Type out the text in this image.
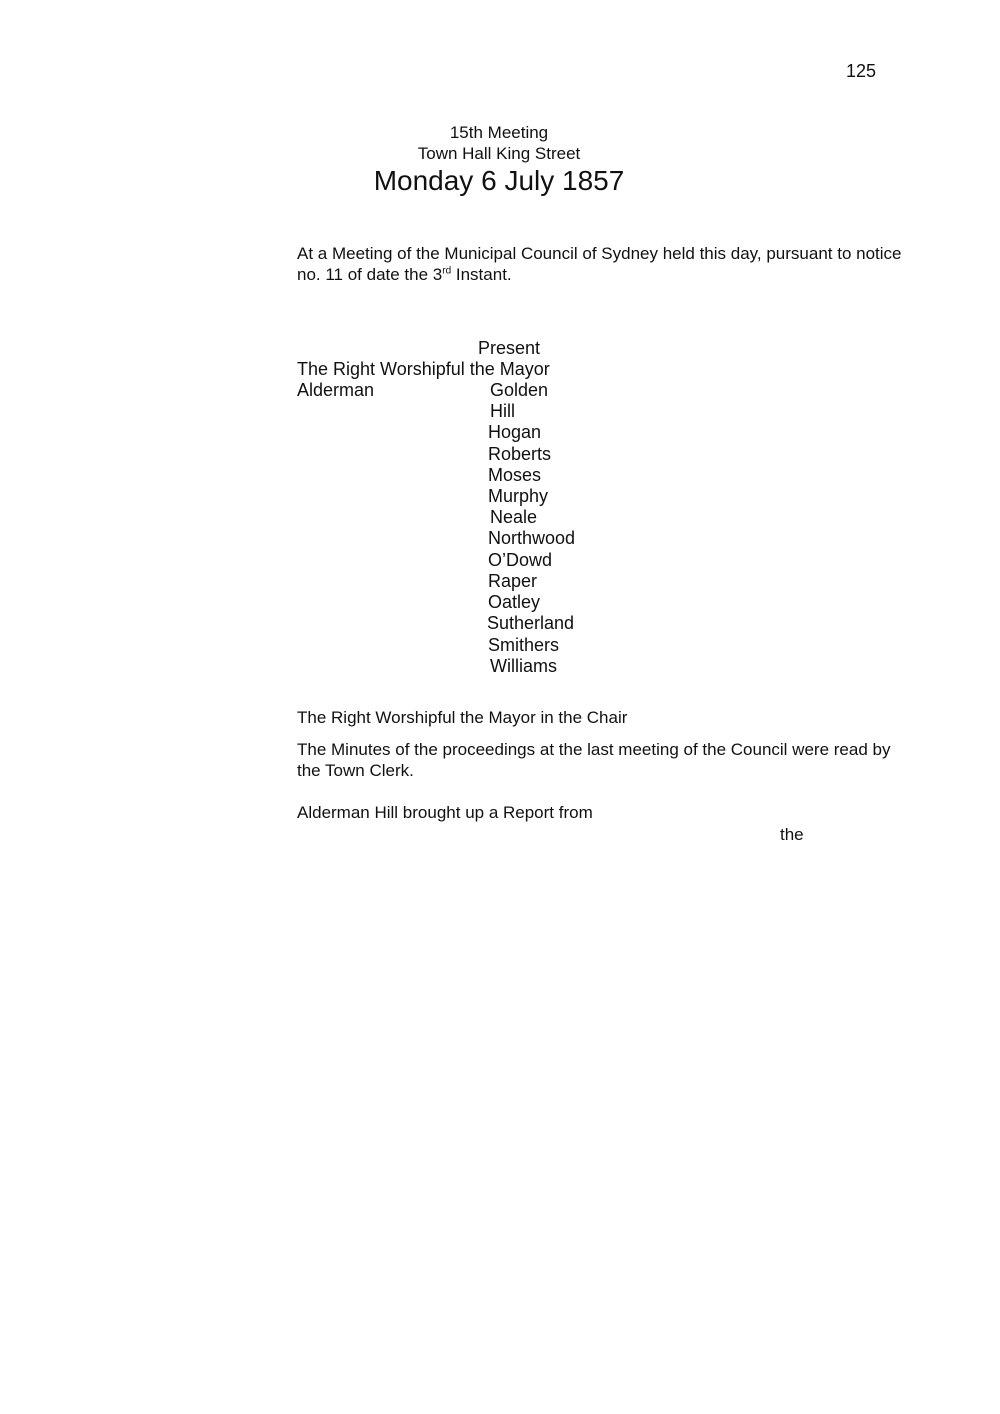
125
15th Meeting
Town Hall King Street
Monday 6 July 1857
At a Meeting of the Municipal Council of Sydney held this day, pursuant to notice no. 11 of date the 3rd Instant.
Present
The Right Worshipful the Mayor
Alderman	Golden
Hill
Hogan
Roberts
Moses
Murphy
Neale
Northwood
O’Dowd
Raper
Oatley
Sutherland
Smithers
Williams
The Right Worshipful the Mayor in the Chair
The Minutes of the proceedings at the last meeting of the Council were read by the Town Clerk.
Alderman Hill brought up a Report from
the
